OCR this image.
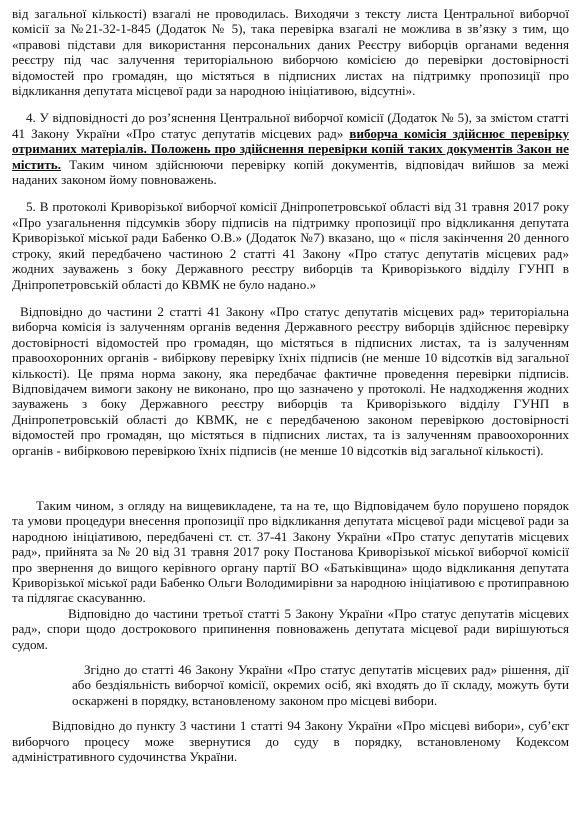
від загальної кількості) взагалі не проводилась. Виходячи з тексту листа Центральної виборчої комісії за №21-32-1-845 (Додаток № 5), така перевірка взагалі не можлива в зв’язку з тим, що «правові підстави для використання персональних даних Реєстру виборців органами ведення реєстру під час залучення територіальною виборчою комісією до перевірки достовірності відомостей про громадян, що містяться в підписних листах на підтримку пропозиції про відкликання депутата місцевої ради за народною ініціативою, відсутні».

4. У відповідності до роз’яснення Центральної виборчої комісії (Додаток № 5), за змістом статті 41 Закону України «Про статус депутатів місцевих рад» виборча комісія здійснює перевірку отриманих матеріалів. Положень про здійснення перевірки копій таких документів Закон не містить. Таким чином здійснюючи перевірку копій документів, відповідач вийшов за межі наданих законом йому повноважень.

5. В протоколі Криворізької виборчої комісії Дніпропетровської області від 31 травня 2017 року «Про узагальнення підсумків збору підписів на підтримку пропозиції про відкликання депутата Криворізької міської ради Бабенко О.В.» (Додаток №7) вказано, що « після закінчення 20 денного строку, який передбачено частиною 2 статті 41 Закону «Про статус депутатів місцевих рад» жодних зауважень з боку Державного реєстру виборців та Криворізького відділу ГУНП в Дніпропетровській області до КВМК не було надано.»

Відповідно до частини 2 статті 41 Закону «Про статус депутатів місцевих рад» територіальна виборча комісія із залученням органів ведення Державного реєстру виборців здійснює перевірку достовірності відомостей про громадян, що містяться в підписних листах, та із залученням правоохоронних органів - вибіркову перевірку їхніх підписів (не менше 10 відсотків від загальної кількості). Це пряма норма закону, яка передбачає фактичне проведення перевірки підписів. Відповідачем вимоги закону не виконано, про що зазначено у протоколі. Не надходження жодних зауважень з боку Державного реєстру виборців та Криворізького відділу ГУНП в Дніпропетровській області до КВМК, не є передбаченою законом перевіркою достовірності відомостей про громадян, що містяться в підписних листах, та із залученням правоохоронних органів - вибірковою перевіркою їхніх підписів (не менше 10 відсотків від загальної кількості).

Таким чином, з огляду на вищевикладене, та на те, що Відповідачем було порушено порядок та умови процедури внесення пропозиції про відкликання депутата місцевої ради місцевої ради за народною ініціативою, передбачені ст. ст. 37-41 Закону України «Про статус депутатів місцевих рад», прийнята за № 20 від 31 травня 2017 року Постанова Криворізької міської виборчої комісії про звернення до вищого керівного органу партії ВО «Батьківщина» щодо відкликання депутата Криворізької міської ради Бабенко Ольги Володимирівни за народною ініціативою є протиправною та підлягає скасуванню.

Відповідно до частини третьої статті 5 Закону України «Про статус депутатів місцевих рад», спори щодо дострокового припинення повноважень депутата місцевої ради вирішуються судом.

Згідно до статті 46 Закону України «Про статус депутатів місцевих рад» рішення, дії або бездіяльність виборчої комісії, окремих осіб, які входять до її складу, можуть бути оскаржені в порядку, встановленому законом про місцеві вибори.

Відповідно до пункту 3 частини 1 статті 94 Закону України «Про місцеві вибори», суб’єкт виборчого процесу може звернутися до суду в порядку, встановленому Кодексом адміністративного судочинства України.
